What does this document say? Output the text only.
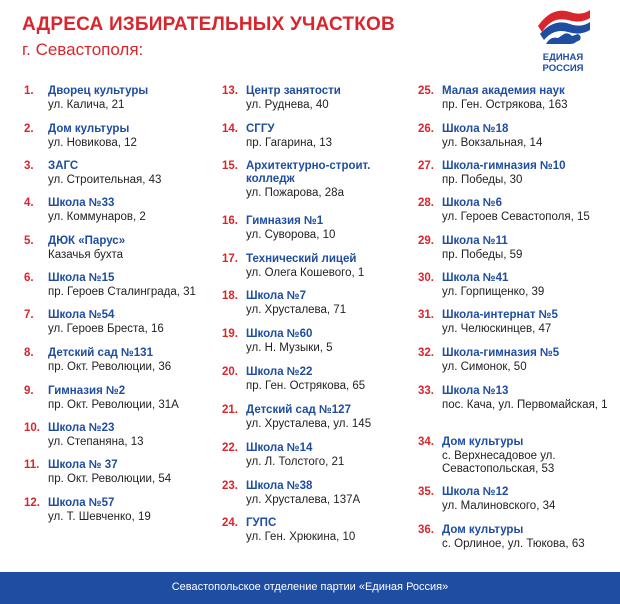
АДРЕСА ИЗБИРАТЕЛЬНЫХ УЧАСТКОВ
г. Севастополя:	ЕДИНАЯ
РОССИЯ
1. Дворец культуры
ул. Калича, 21
2. Дом культуры
ул. Новикова, 12
3. ЗАГС
ул. Строительная, 43
4. Школа №33
ул. Коммунаров, 2
5. ДЮК «Парус»
Казачья бухта
6. Школа №15
пр. Героев Сталинграда, 31
7. Школа №54
ул. Героев Бреста, 16
8. Детский сад №131
пр. Окт. Революции, 36
9. Гимназия №2
пр. Окт. Революции, 31А
10. Школа №23
ул. Степаняна, 13
11. Школа № 37
пр. Окт. Революции, 54
12. Школа №57
ул. Т. Шевченко, 19
13. Центр занятости
ул. Руднева, 40
14. СГГУ
пр. Гагарина, 13
15. Архитектурно-строит. колледж
ул. Пожарова, 28а
16. Гимназия №1
ул. Суворова, 10
17. Технический лицей
ул. Олега Кошевого, 1
18. Школа №7
ул. Хрусталева, 71
19. Школа №60
ул. Н. Музыки, 5
20. Школа №22
пр. Ген. Острякова, 65
21. Детский сад №127
ул. Хрусталева, ул. 145
22. Школа №14
ул. Л. Толстого, 21
23. Школа №38
ул. Хрусталева, 137А
24. ГУПС
ул. Ген. Хрюкина, 10
25. Малая академия наук
пр. Ген. Острякова, 163
26. Школа №18
ул. Вокзальная, 14
27. Школа-гимназия №10
пр. Победы, 30
28. Школа №6
ул. Героев Севастополя, 15
29. Школа №11
пр. Победы, 59
30. Школа №41
ул. Горпищенко, 39
31. Школа-интернат №5
ул. Челюскинцев, 47
32. Школа-гимназия №5
ул. Симонок, 50
33. Школа №13
пос. Кача, ул. Первомайская, 1
34. Дом культуры
с. Верхнесадовое ул. Севастопольская, 53
35. Школа №12
ул. Малиновского, 34
36. Дом культуры
с. Орлиное, ул. Тюкова, 63
Севастопольское отделение партии «Единая Россия»
